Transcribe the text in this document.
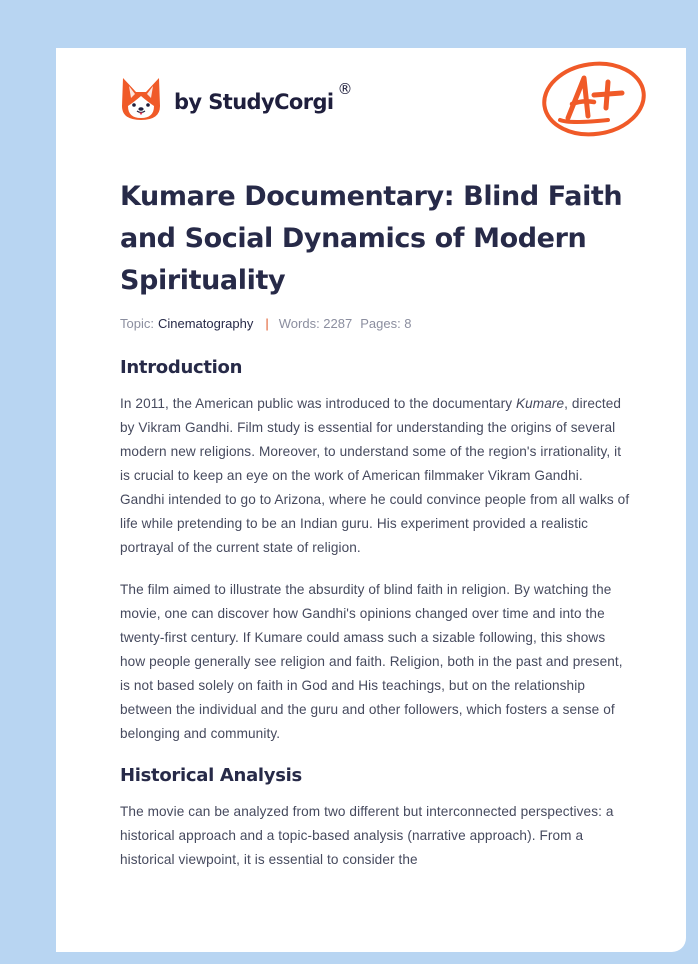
by StudyCorgi
®
Kumare Documentary: Blind Faith and Social Dynamics of Modern Spirituality
Topic: Cinematography | Words: 2287 Pages: 8
Introduction

In 2011, the American public was introduced to the documentary Kumare, directed by Vikram Gandhi. Film study is essential for understanding the origins of several modern new religions. Moreover, to understand some of the region's irrationality, it is crucial to keep an eye on the work of American filmmaker Vikram Gandhi. Gandhi intended to go to Arizona, where he could convince people from all walks of life while pretending to be an Indian guru. His experiment provided a realistic portrayal of the current state of religion.

The film aimed to illustrate the absurdity of blind faith in religion. By watching the movie, one can discover how Gandhi's opinions changed over time and into the twenty-first century. If Kumare could amass such a sizable following, this shows how people generally see religion and faith. Religion, both in the past and present, is not based solely on faith in God and His teachings, but on the relationship between the individual and the guru and other followers, which fosters a sense of belonging and community.

Historical Analysis

The movie can be analyzed from two different but interconnected perspectives: a historical approach and a topic-based analysis (narrative approach). From a historical viewpoint, it is essential to consider the
